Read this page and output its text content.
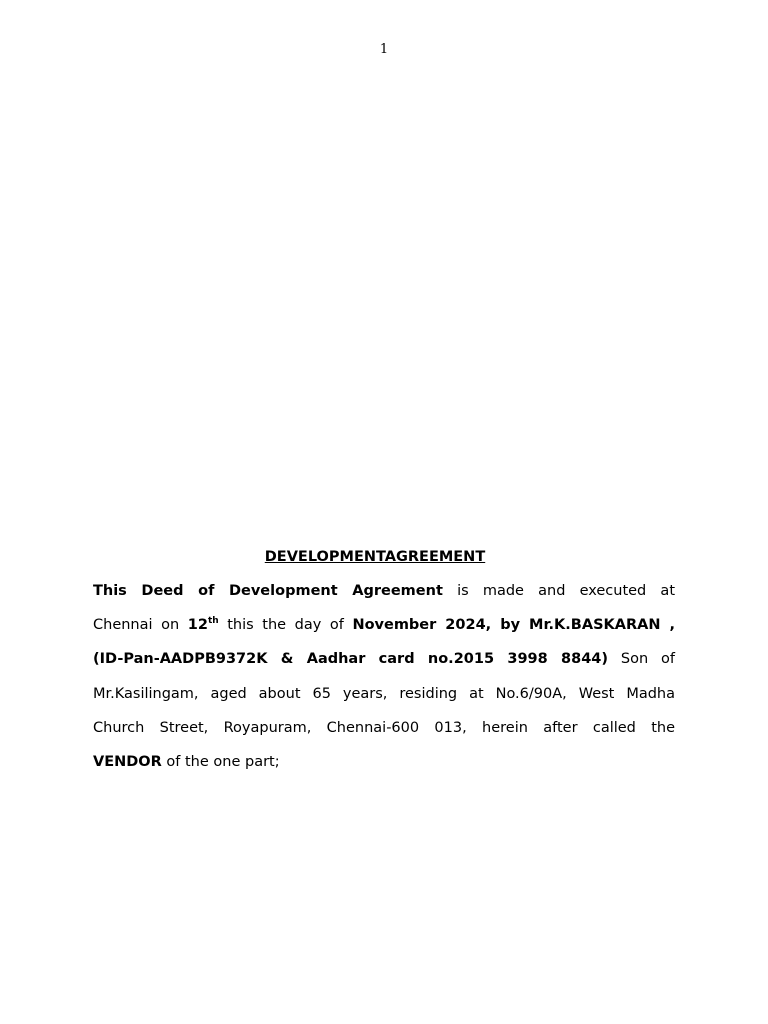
1
DEVELOPMENTAGREEMENT
This Deed of Development Agreement is made and executed at
Chennai on 12th this the day of November 2024, by Mr.K.BASKARAN ,
(ID-Pan-AADPB9372K & Aadhar card no.2015 3998 8844) Son of
Mr.Kasilingam, aged about 65 years, residing at No.6/90A, West Madha
Church Street, Royapuram, Chennai-600 013, herein after called the
VENDOR of the one part;
